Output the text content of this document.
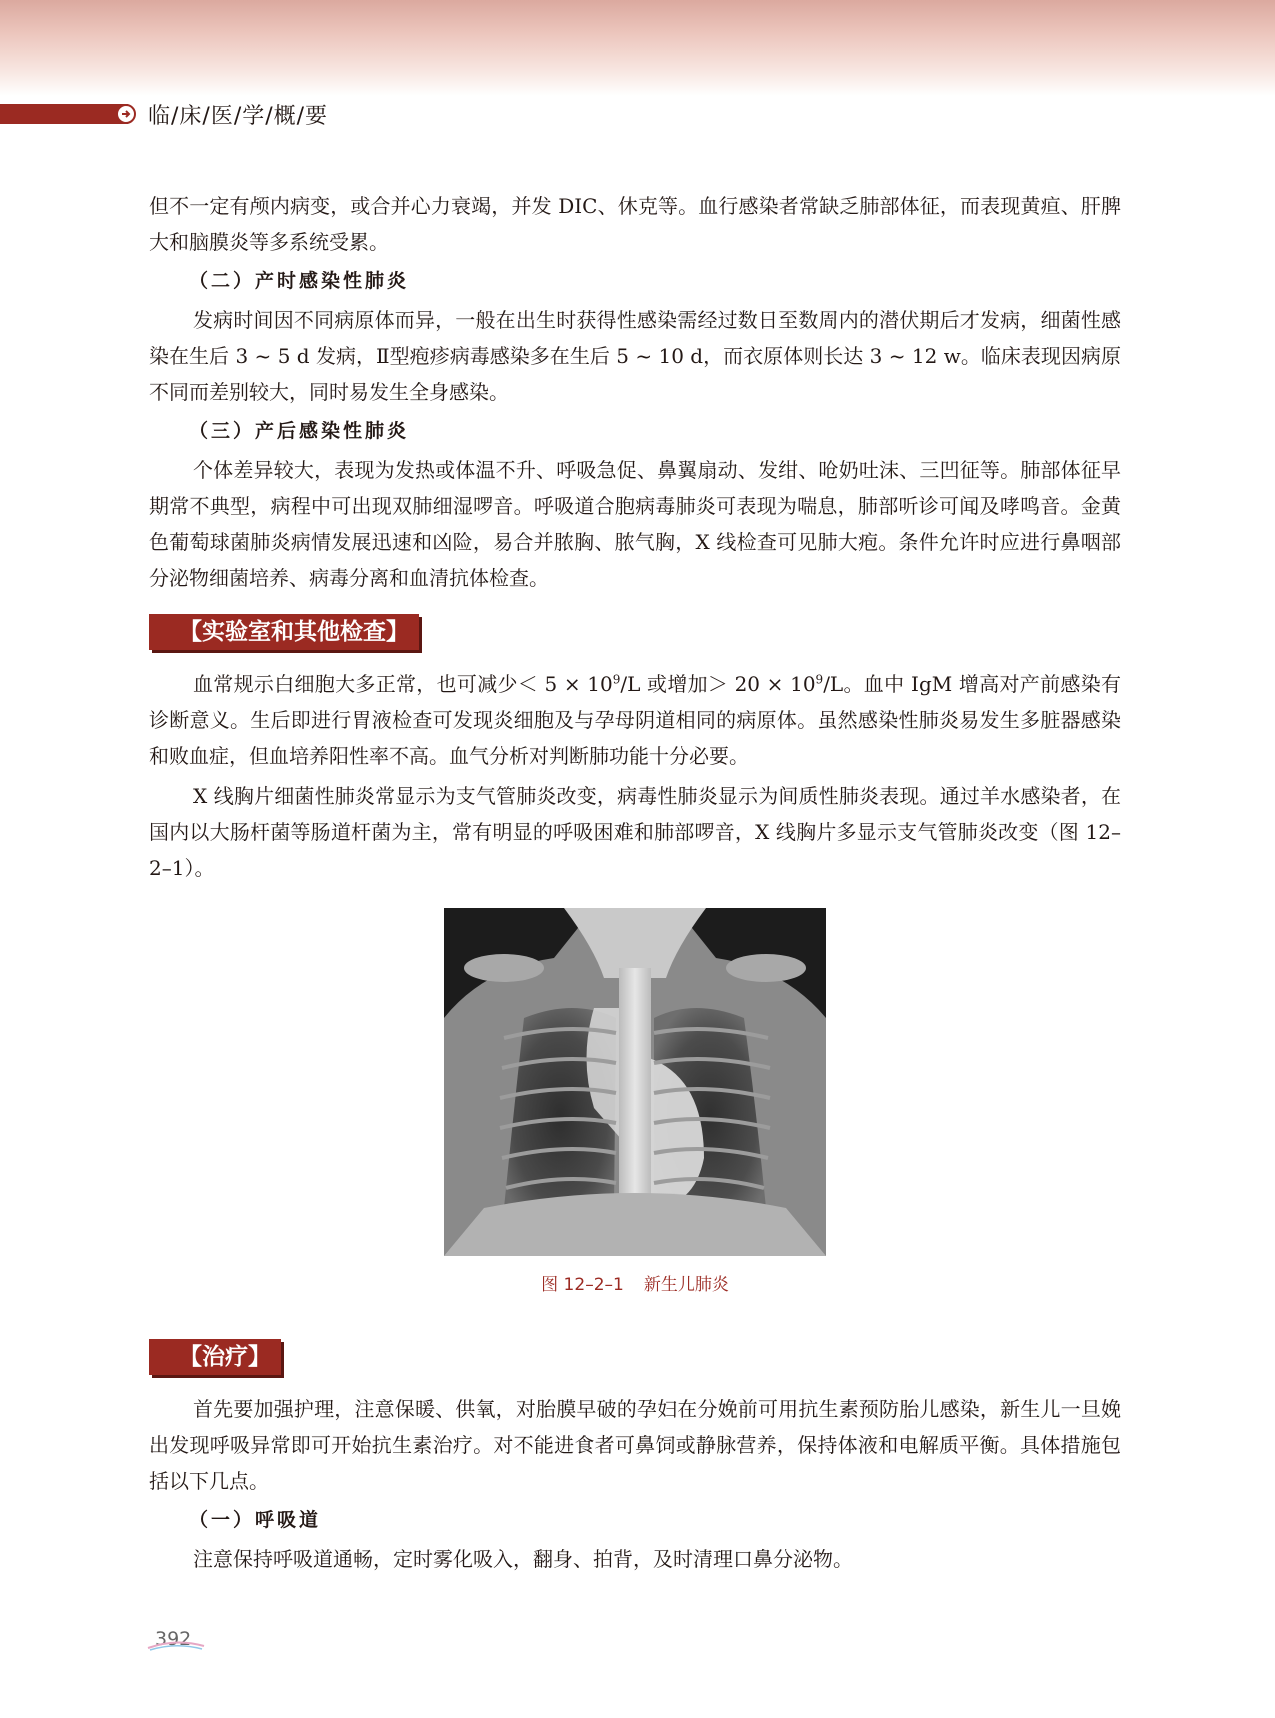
临/床/医/学/概/要

但不一定有颅内病变，或合并心力衰竭，并发 DIC、休克等。血行感染者常缺乏肺部体征，而表现黄疸、肝脾大和脑膜炎等多系统受累。

（二）产时感染性肺炎

发病时间因不同病原体而异，一般在出生时获得性感染需经过数日至数周内的潜伏期后才发病，细菌性感染在生后 3 ~ 5 d 发病，Ⅱ型疱疹病毒感染多在生后 5 ~ 10 d，而衣原体则长达 3 ~ 12 w。临床表现因病原不同而差别较大，同时易发生全身感染。

（三）产后感染性肺炎

个体差异较大，表现为发热或体温不升、呼吸急促、鼻翼扇动、发绀、呛奶吐沫、三凹征等。肺部体征早期常不典型，病程中可出现双肺细湿啰音。呼吸道合胞病毒肺炎可表现为喘息，肺部听诊可闻及哮鸣音。金黄色葡萄球菌肺炎病情发展迅速和凶险，易合并脓胸、脓气胸，X 线检查可见肺大疱。条件允许时应进行鼻咽部分泌物细菌培养、病毒分离和血清抗体检查。

【实验室和其他检查】

血常规示白细胞大多正常，也可减少＜ $5 \times 10^9/L$ 或增加＞ $20 \times 10^9/L$。血中 IgM 增高对产前感染有诊断意义。生后即进行胃液检查可发现炎细胞及与孕母阴道相同的病原体。虽然感染性肺炎易发生多脏器感染和败血症，但血培养阳性率不高。血气分析对判断肺功能十分必要。

X 线胸片细菌性肺炎常显示为支气管肺炎改变，病毒性肺炎显示为间质性肺炎表现。通过羊水感染者，在国内以大肠杆菌等肠道杆菌为主，常有明显的呼吸困难和肺部啰音，X 线胸片多显示支气管肺炎改变（图 12–2–1）。

图 12–2–1 新生儿肺炎
【治疗】

首先要加强护理，注意保暖、供氧，对胎膜早破的孕妇在分娩前可用抗生素预防胎儿感染，新生儿一旦娩出发现呼吸异常即可开始抗生素治疗。对不能进食者可鼻饲或静脉营养，保持体液和电解质平衡。具体措施包括以下几点。

（一）呼吸道

注意保持呼吸道通畅，定时雾化吸入，翻身、拍背，及时清理口鼻分泌物。

392
